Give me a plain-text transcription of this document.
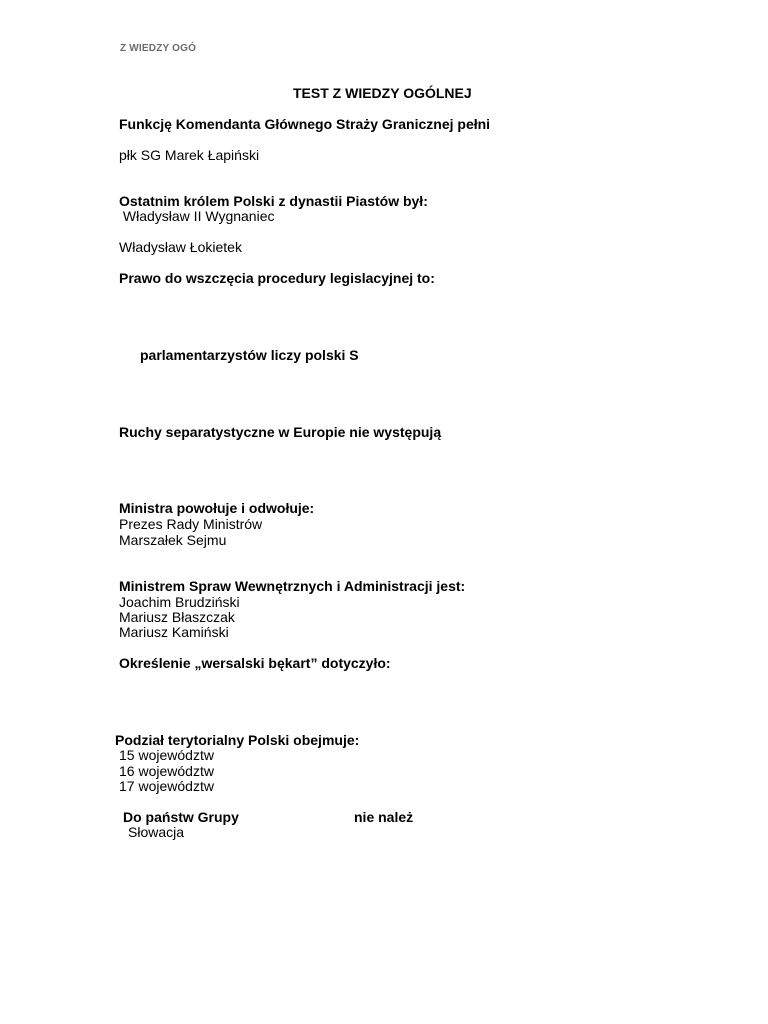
Z WIEDZY OGÓ
TEST Z WIEDZY OGÓLNEJ
Funkcję Komendanta Głównego Straży Granicznej pełni
płk SG Marek Łapiński
Ostatnim królem Polski z dynastii Piastów był:
Władysław II Wygnaniec
Władysław Łokietek
Prawo do wszczęcia procedury legislacyjnej to:
parlamentarzystów liczy polski S
Ruchy separatystyczne w Europie nie występują
Ministra powołuje i odwołuje:
Prezes Rady Ministrów
Marszałek Sejmu
Ministrem Spraw Wewnętrznych i Administracji jest:
Joachim Brudziński
Mariusz Błaszczak
Mariusz Kamiński
Określenie „wersalski bękart” dotyczyło:
Podział terytorialny Polski obejmuje:
15 województw
16 województw
17 województw
Do państw Grupy	nie należ
Słowacja
